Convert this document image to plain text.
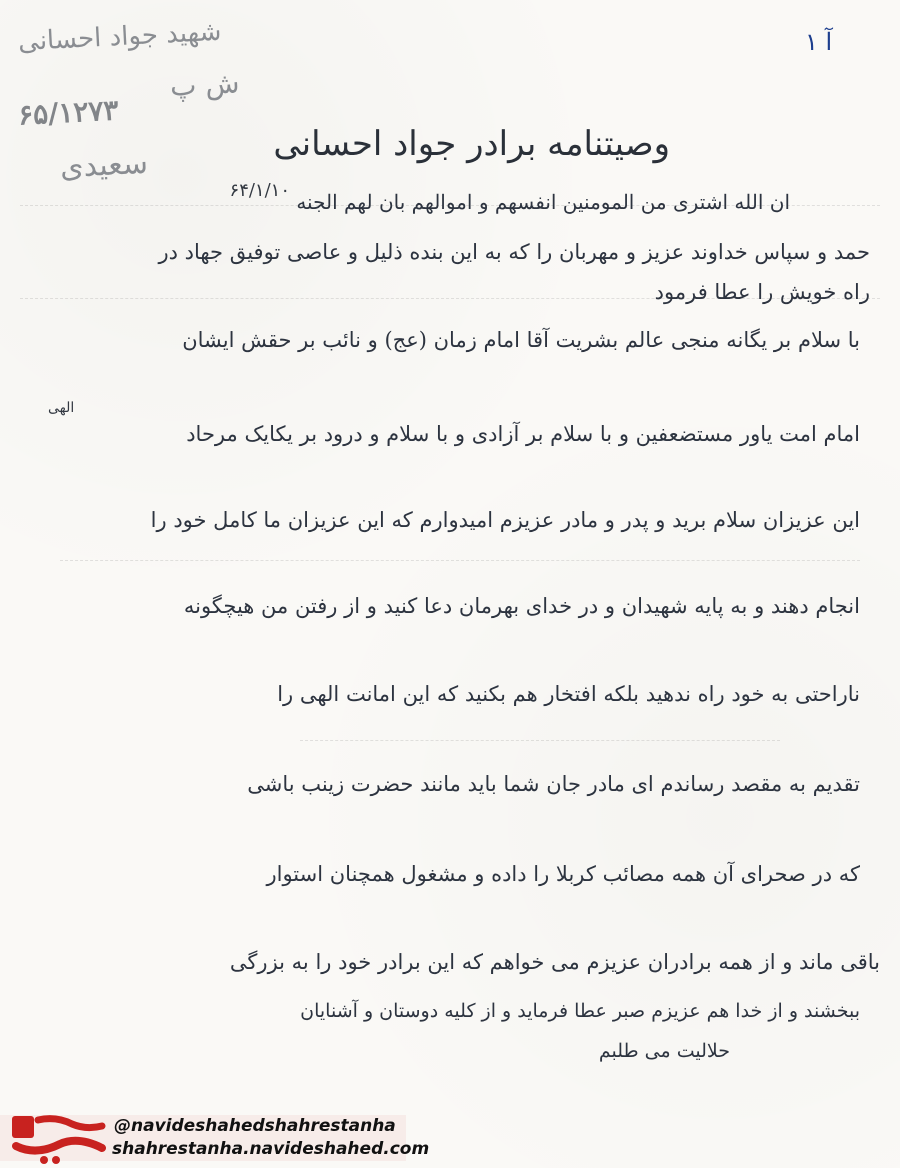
شهید جواد احسانی
ش پ
۶۵/۱۲۷۳
سعیدی
۱ آ
وصیتنامه برادر جواد احسانی
۶۴/۱/۱۰ ان الله اشتری من المومنین انفسهم و اموالهم بان لهم الجنه
حمد و سپاس خداوند عزیز و مهربان را که به این بنده ذلیل و عاصی توفیق جهاد در
راه خویش را عطا فرمود
با سلام بر یگانه منجی عالم بشریت آقا امام زمان (عج) و نائب بر حقش ایشان
الهی
امام امت یاور مستضعفین و با سلام بر آزادی و با سلام و درود بر یکایک مرحاد
این عزیزان سلام برید و پدر و مادر عزیزم امیدوارم که این عزیزان ما کامل خود را
انجام دهند و به پایه شهیدان و در خدای بهرمان دعا کنید و از رفتن من هیچگونه
ناراحتی به خود راه ندهید بلکه افتخار هم بکنید که این امانت الهی را
تقدیم به مقصد رساندم ای مادر جان شما باید مانند حضرت زینب باشی
که در صحرای آن همه مصائب کربلا را داده و مشغول همچنان استوار
باقی ماند و از همه برادران عزیزم می خواهم که این برادر خود را به بزرگی
ببخشند و از خدا هم عزیزم صبر عطا فرماید و از کلیه دوستان و آشنایان
حلالیت می طلبم
@navideshahedshahrestanha
shahrestanha.navideshahed.com
